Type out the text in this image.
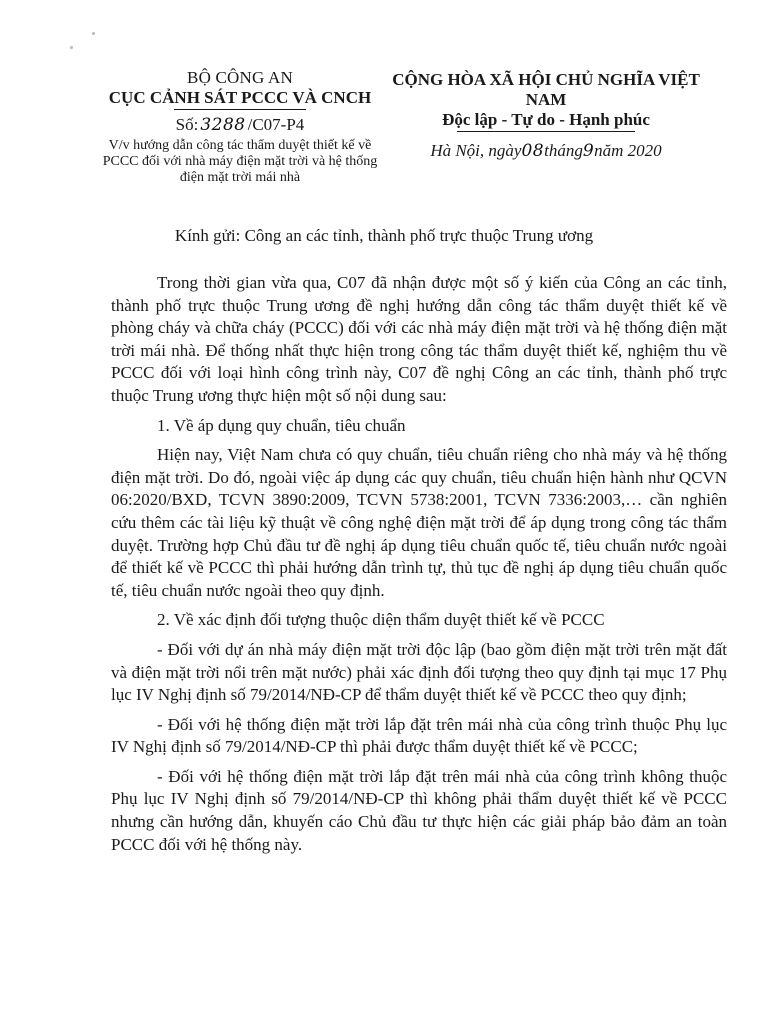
BỘ CÔNG AN
CỤC CẢNH SÁT PCCC VÀ CNCH
Số: 3288 /C07-P4
V/v hướng dẫn công tác thẩm duyệt thiết kế về PCCC đối với nhà máy điện mặt trời và hệ thống điện mặt trời mái nhà
CỘNG HÒA XÃ HỘI CHỦ NGHĨA VIỆT NAM
Độc lập - Tự do - Hạnh phúc
Hà Nội, ngày08tháng9năm 2020
Kính gửi: Công an các tỉnh, thành phố trực thuộc Trung ương

Trong thời gian vừa qua, C07 đã nhận được một số ý kiến của Công an các tỉnh, thành phố trực thuộc Trung ương đề nghị hướng dẫn công tác thẩm duyệt thiết kế về phòng cháy và chữa cháy (PCCC) đối với các nhà máy điện mặt trời và hệ thống điện mặt trời mái nhà. Để thống nhất thực hiện trong công tác thẩm duyệt thiết kế, nghiệm thu về PCCC đối với loại hình công trình này, C07 đề nghị Công an các tỉnh, thành phố trực thuộc Trung ương thực hiện một số nội dung sau:

1. Về áp dụng quy chuẩn, tiêu chuẩn

Hiện nay, Việt Nam chưa có quy chuẩn, tiêu chuẩn riêng cho nhà máy và hệ thống điện mặt trời. Do đó, ngoài việc áp dụng các quy chuẩn, tiêu chuẩn hiện hành như QCVN 06:2020/BXD, TCVN 3890:2009, TCVN 5738:2001, TCVN 7336:2003,… cần nghiên cứu thêm các tài liệu kỹ thuật về công nghệ điện mặt trời để áp dụng trong công tác thẩm duyệt. Trường hợp Chủ đầu tư đề nghị áp dụng tiêu chuẩn quốc tế, tiêu chuẩn nước ngoài để thiết kế về PCCC thì phải hướng dẫn trình tự, thủ tục đề nghị áp dụng tiêu chuẩn quốc tế, tiêu chuẩn nước ngoài theo quy định.

2. Về xác định đối tượng thuộc diện thẩm duyệt thiết kế về PCCC

- Đối với dự án nhà máy điện mặt trời độc lập (bao gồm điện mặt trời trên mặt đất và điện mặt trời nổi trên mặt nước) phải xác định đối tượng theo quy định tại mục 17 Phụ lục IV Nghị định số 79/2014/NĐ-CP để thẩm duyệt thiết kế về PCCC theo quy định;

- Đối với hệ thống điện mặt trời lắp đặt trên mái nhà của công trình thuộc Phụ lục IV Nghị định số 79/2014/NĐ-CP thì phải được thẩm duyệt thiết kế về PCCC;

- Đối với hệ thống điện mặt trời lắp đặt trên mái nhà của công trình không thuộc Phụ lục IV Nghị định số 79/2014/NĐ-CP thì không phải thẩm duyệt thiết kế về PCCC nhưng cần hướng dẫn, khuyến cáo Chủ đầu tư thực hiện các giải pháp bảo đảm an toàn PCCC đối với hệ thống này.
